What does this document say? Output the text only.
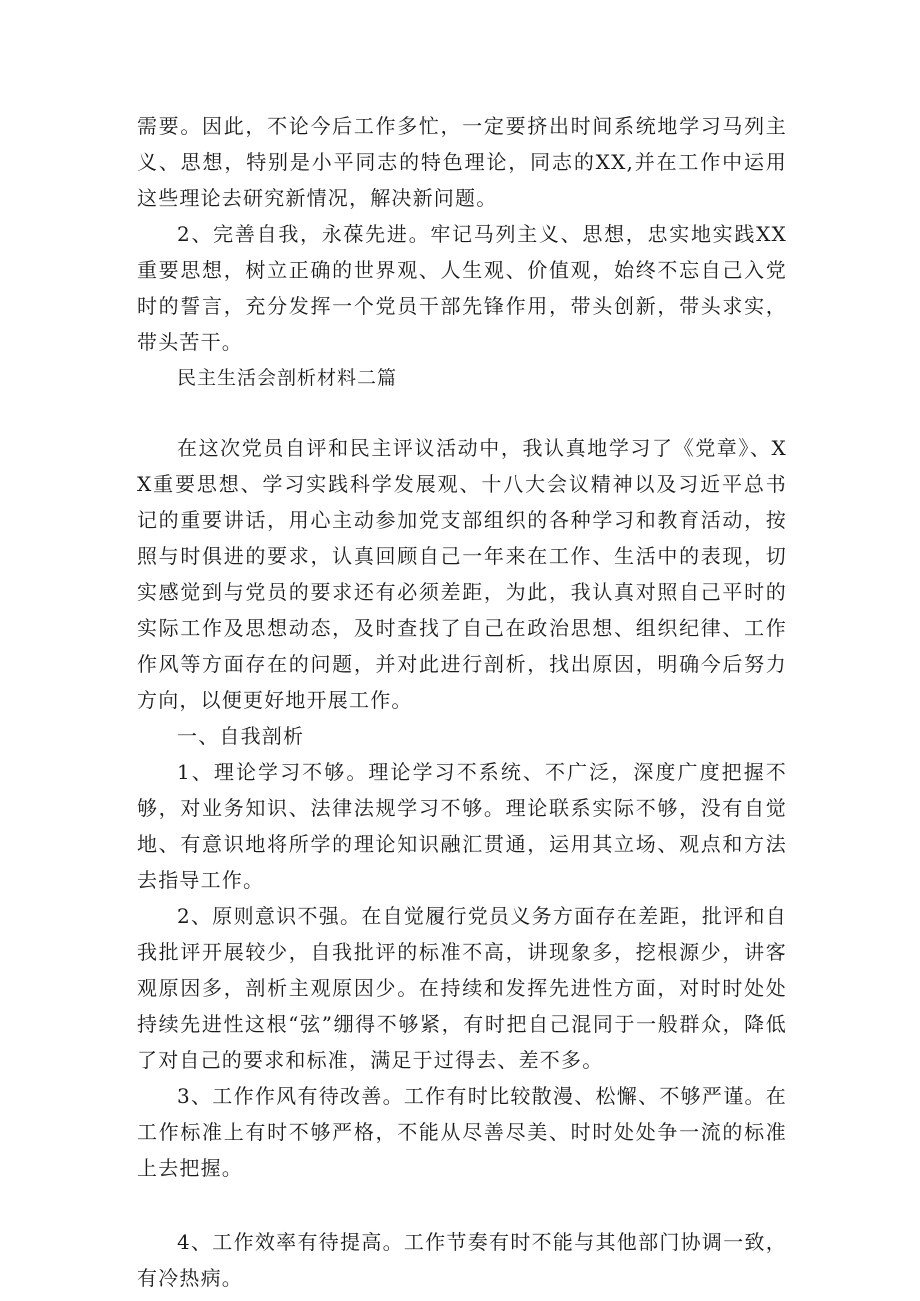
需要。因此，不论今后工作多忙，一定要挤出时间系统地学习马列主义、思想，特别是小平同志的特色理论，同志的XX,并在工作中运用这些理论去研究新情况，解决新问题。

2、完善自我，永葆先进。牢记马列主义、思想，忠实地实践XX重要思想，树立正确的世界观、人生观、价值观，始终不忘自己入党时的誓言，充分发挥一个党员干部先锋作用，带头创新，带头求实，带头苦干。

民主生活会剖析材料二篇

在这次党员自评和民主评议活动中，我认真地学习了《党章》、XX重要思想、学习实践科学发展观、十八大会议精神以及习近平总书记的重要讲话，用心主动参加党支部组织的各种学习和教育活动，按照与时俱进的要求，认真回顾自己一年来在工作、生活中的表现，切实感觉到与党员的要求还有必须差距，为此，我认真对照自己平时的实际工作及思想动态，及时查找了自己在政治思想、组织纪律、工作作风等方面存在的问题，并对此进行剖析，找出原因，明确今后努力方向，以便更好地开展工作。

一、自我剖析

1、理论学习不够。理论学习不系统、不广泛，深度广度把握不够，对业务知识、法律法规学习不够。理论联系实际不够，没有自觉地、有意识地将所学的理论知识融汇贯通，运用其立场、观点和方法去指导工作。

2、原则意识不强。在自觉履行党员义务方面存在差距，批评和自我批评开展较少，自我批评的标准不高，讲现象多，挖根源少，讲客观原因多，剖析主观原因少。在持续和发挥先进性方面，对时时处处持续先进性这根“弦”绷得不够紧，有时把自己混同于一般群众，降低了对自己的要求和标准，满足于过得去、差不多。

3、工作作风有待改善。工作有时比较散漫、松懈、不够严谨。在工作标准上有时不够严格，不能从尽善尽美、时时处处争一流的标准上去把握。

4、工作效率有待提高。工作节奏有时不能与其他部门协调一致，有冷热病。
